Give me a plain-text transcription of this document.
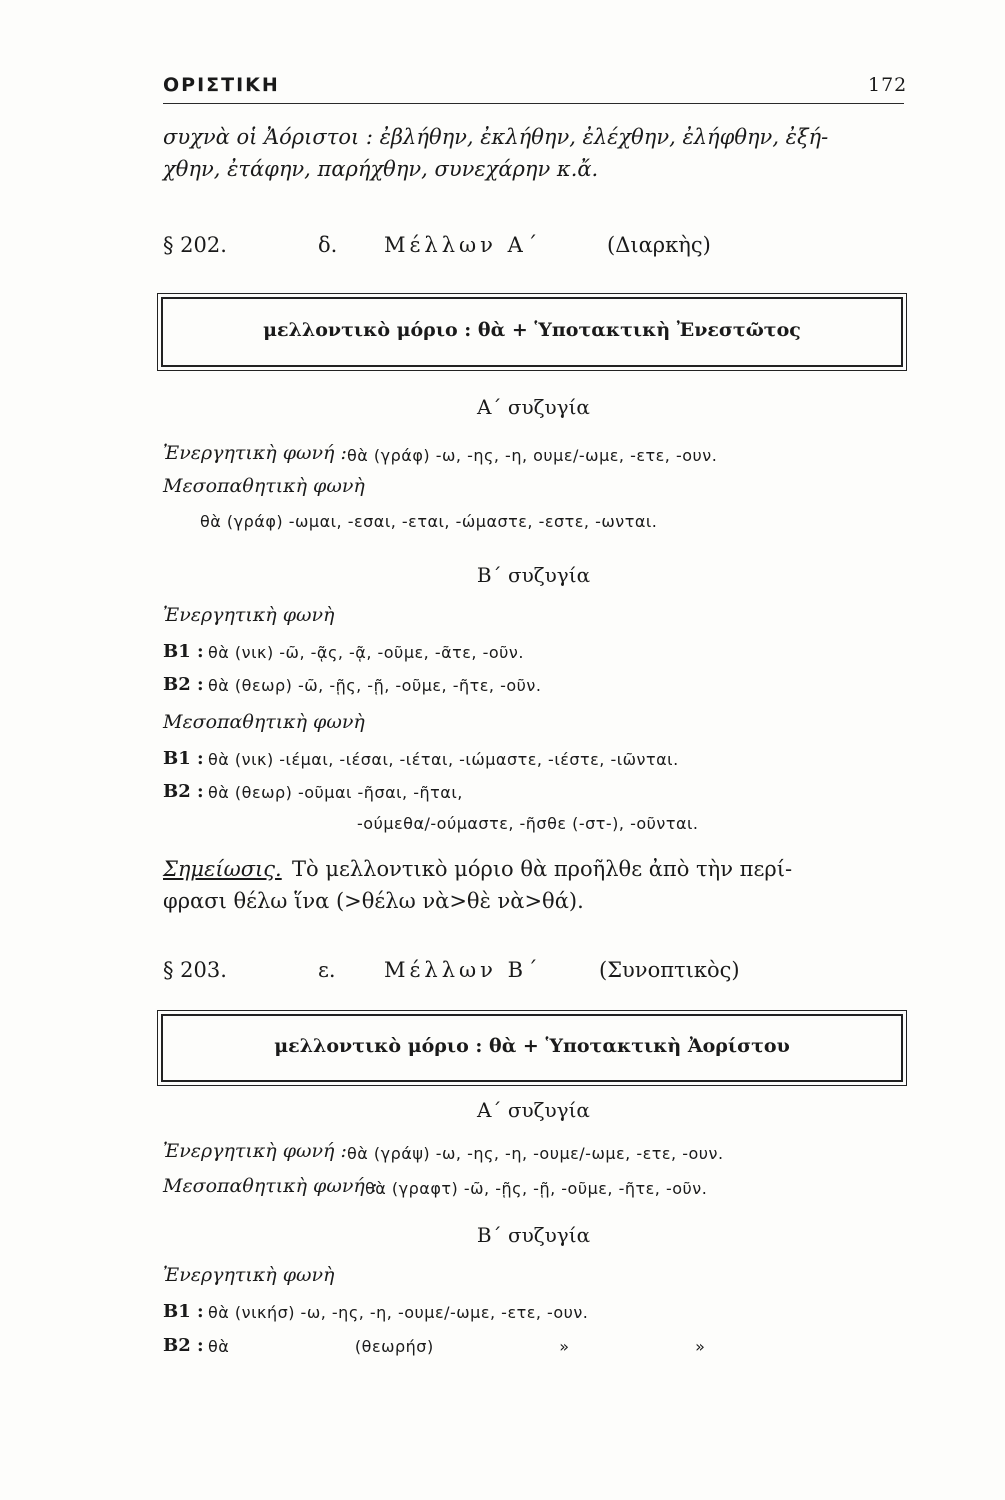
ΟΡΙΣΤΙΚΗ	172
συχνὰ οἱ Ἀόριστοι : ἐβλήθην, ἐκλήθην, ἐλέχθην, ἐλήφθην, ἐξή-
χθην, ἐτάφην, παρήχθην, συνεχάρην κ.ἄ.
§ 202.	δ. Μέλλων Α΄	(Διαρκὴς)
μελλοντικὸ μόριο : θὰ + Ὑποτακτικὴ Ἐνεστῶτος
Α΄ συζυγία
Ἐνεργητικὴ φωνή : θὰ (γράφ) -ω, -ης, -η, ουμε/-ωμε, -ετε, -ουν.
Μεσοπαθητικὴ φωνὴ
θὰ (γράφ) -ωμαι, -εσαι, -εται, -ώμαστε, -εστε, -ωνται.
Β΄ συζυγία
Ἐνεργητικὴ φωνὴ
Β1 : θὰ (νικ) -ῶ, -ᾷς, -ᾷ, -οῦμε, -ᾶτε, -οῦν.
Β2 : θὰ (θεωρ) -ῶ, -ῇς, -ῇ, -οῦμε, -ῆτε, -οῦν.
Μεσοπαθητικὴ φωνὴ
Β1 : θὰ (νικ) -ιέμαι, -ιέσαι, -ιέται, -ιώμαστε, -ιέστε, -ιῶνται.
Β2 : θὰ (θεωρ) -οῦμαι -ῆσαι, -ῆται,
-ούμεθα/-ούμαστε, -ῆσθε (-στ-), -οῦνται.
Σημείωσις. Τὸ μελλοντικὸ μόριο θὰ προῆλθε ἀπὸ τὴν περί-
φρασι θέλω ἵνα (>θέλω νὰ>θὲ νὰ>θά).
§ 203.	ε. Μέλλων Β΄	(Συνοπτικὸς)
μελλοντικὸ μόριο : θὰ + Ὑποτακτικὴ Ἀορίστου
Α΄ συζυγία
Ἐνεργητικὴ φωνή : θὰ (γράψ) -ω, -ης, -η, -ουμε/-ωμε, -ετε, -ουν.
Μεσοπαθητικὴ φωνή :
θὰ (γραφτ) -ῶ, -ῇς, -ῇ, -οῦμε, -ῆτε, -οῦν.
Β΄ συζυγία
Ἐνεργητικὴ φωνὴ
Β1 : θὰ (νικήσ) -ω, -ης, -η, -ουμε/-ωμε, -ετε, -ουν.
Β2 : θὰ (θεωρήσ) » »
